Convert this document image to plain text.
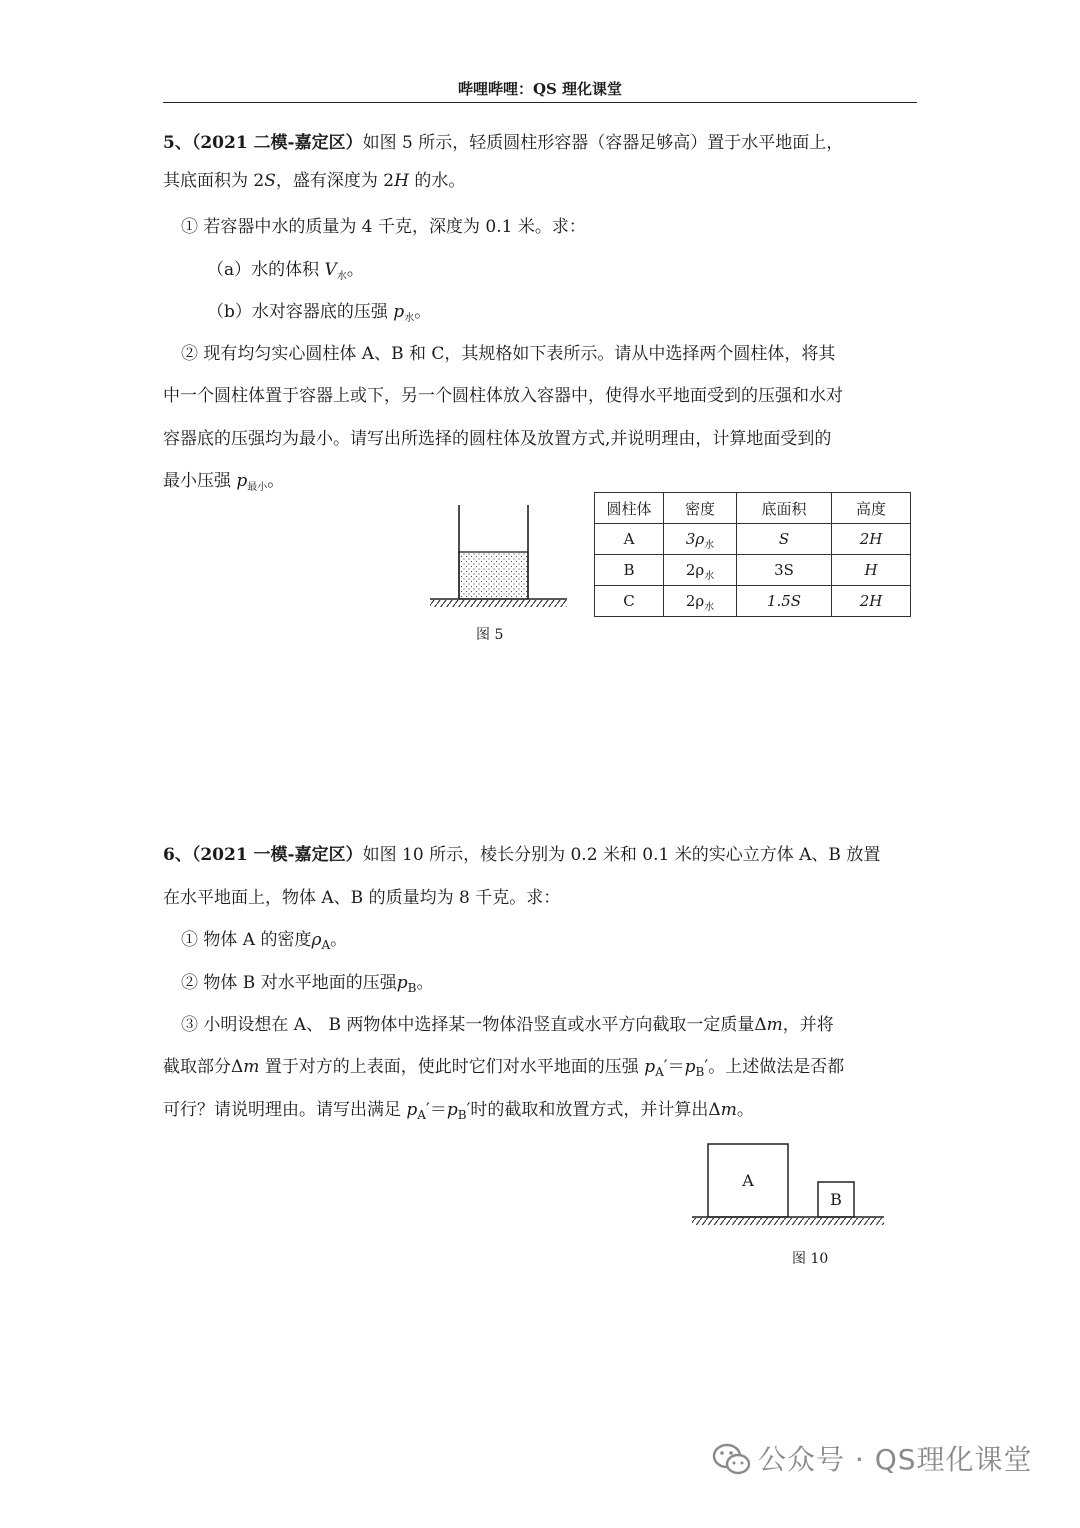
哔哩哔哩：QS 理化课堂
5、（2021 二模-嘉定区）如图 5 所示，轻质圆柱形容器（容器足够高）置于水平地面上，
其底面积为 2S，盛有深度为 2H 的水。
① 若容器中水的质量为 4 千克，深度为 0.1 米。求：
（a）水的体积 $V_水$。
（b）水对容器底的压强 $p_水$。
② 现有均匀实心圆柱体 A、B 和 C，其规格如下表所示。请从中选择两个圆柱体，将其
中一个圆柱体置于容器上或下，另一个圆柱体放入容器中，使得水平地面受到的压强和水对
容器底的压强均为最小。请写出所选择的圆柱体及放置方式,并说明理由，计算地面受到的
最小压强 $p_{最小}$。
图 5
圆柱体	密度	底面积	高度
A	$3\rho_水$	S	2H
B	$2\rho_水$	3S	H
C	$2\rho_水$	1.5S	2H
6、（2021 一模-嘉定区）如图 10 所示，棱长分别为 0.2 米和 0.1 米的实心立方体 A、B 放置
在水平地面上，物体 A、B 的质量均为 8 千克。求：
① 物体 A 的密度$\rho_A$。
② 物体 B 对水平地面的压强$p_B$。
③ 小明设想在 A、 B 两物体中选择某一物体沿竖直或水平方向截取一定质量Δm，并将
截取部分Δm 置于对方的上表面，使此时它们对水平地面的压强 $p_A'=p_B'$。上述做法是否都
可行？请说明理由。请写出满足 $p_A'=p_B'$时的截取和放置方式，并计算出Δm。
A
B
图 10
公众号 · QS理化课堂
